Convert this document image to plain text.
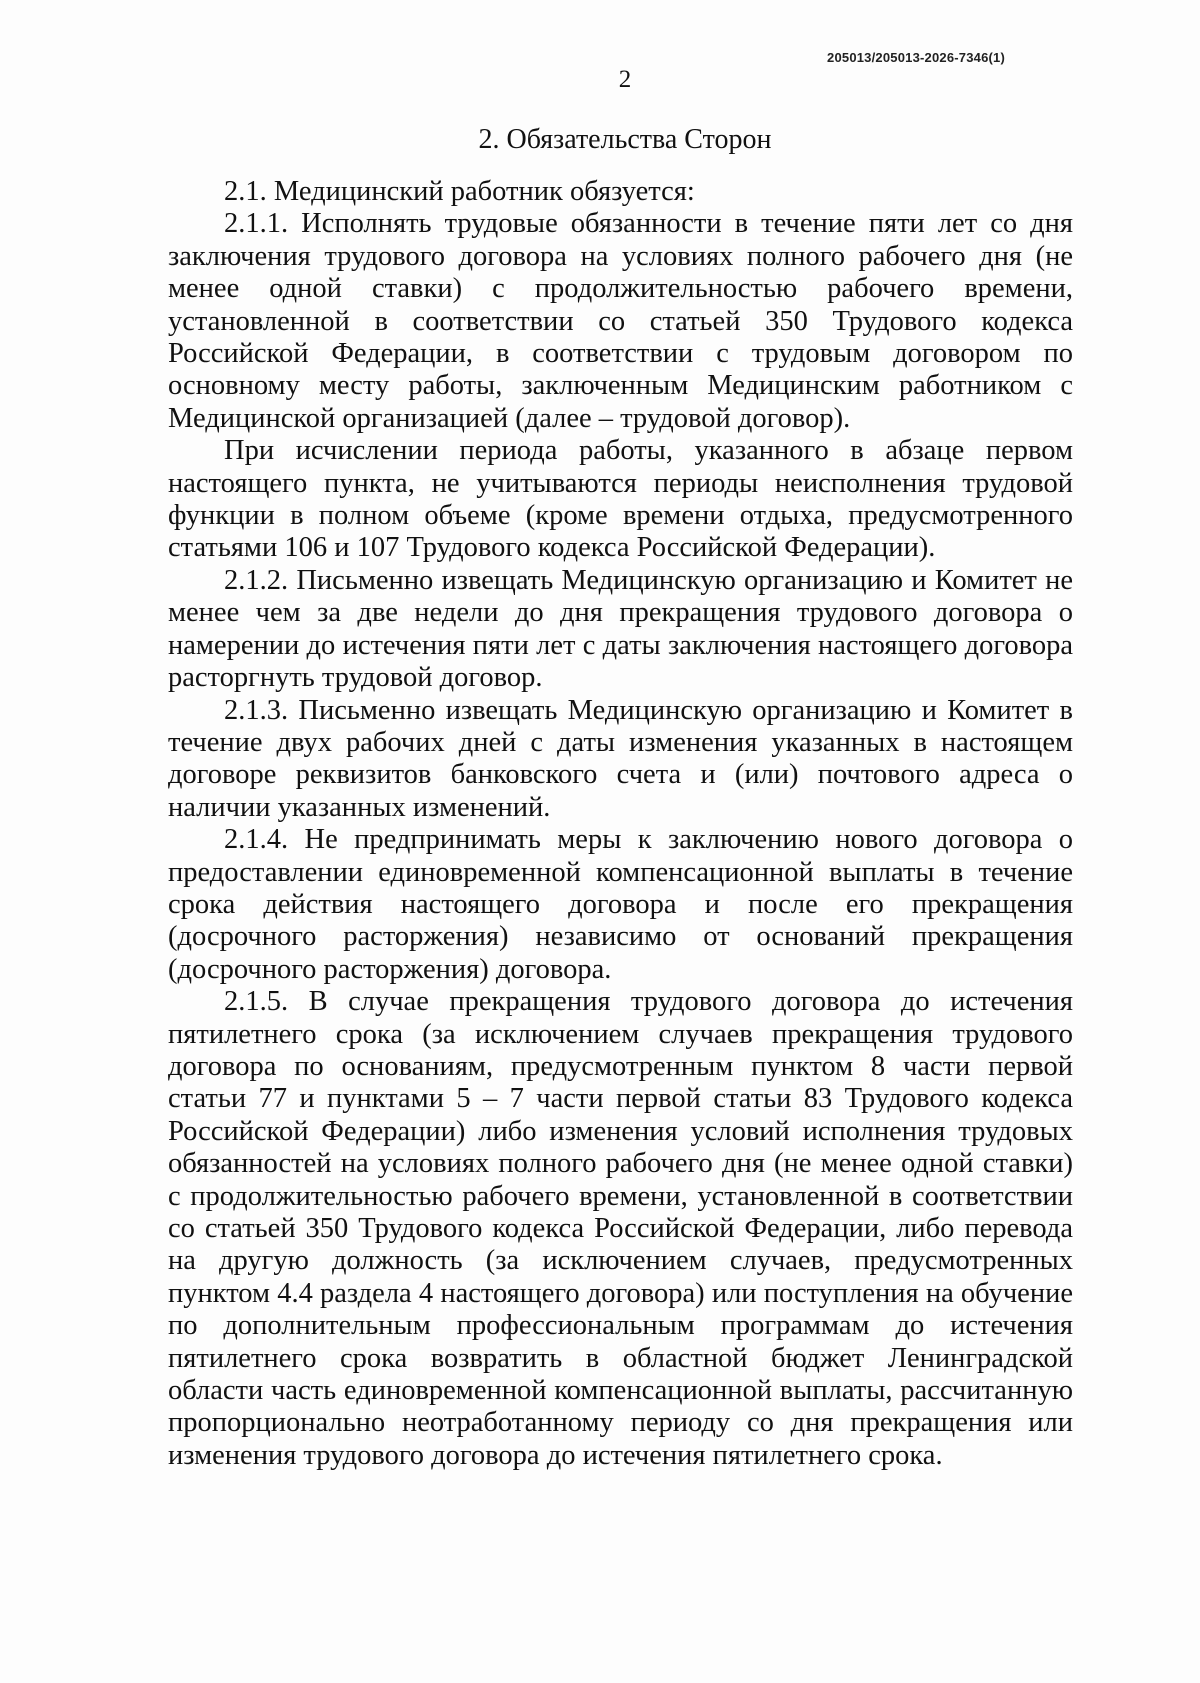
205013/205013-2026-7346(1)
2
2. Обязательства Сторон

2.1. Медицинский работник обязуется:

2.1.1. Исполнять трудовые обязанности в течение пяти лет со дня заключения трудового договора на условиях полного рабочего дня (не менее одной ставки) с продолжительностью рабочего времени, установленной в соответствии со статьей 350 Трудового кодекса Российской Федерации, в соответствии с трудовым договором по основному месту работы, заключенным Медицинским работником с Медицинской организацией (далее – трудовой договор).

При исчислении периода работы, указанного в абзаце первом настоящего пункта, не учитываются периоды неисполнения трудовой функции в полном объеме (кроме времени отдыха, предусмотренного статьями 106 и 107 Трудового кодекса Российской Федерации).

2.1.2. Письменно извещать Медицинскую организацию и Комитет не менее чем за две недели до дня прекращения трудового договора о намерении до истечения пяти лет с даты заключения настоящего договора расторгнуть трудовой договор.

2.1.3. Письменно извещать Медицинскую организацию и Комитет в течение двух рабочих дней с даты изменения указанных в настоящем договоре реквизитов банковского счета и (или) почтового адреса о наличии указанных изменений.

2.1.4. Не предпринимать меры к заключению нового договора о предоставлении единовременной компенсационной выплаты в течение срока действия настоящего договора и после его прекращения (досрочного расторжения) независимо от оснований прекращения (досрочного расторжения) договора.

2.1.5. В случае прекращения трудового договора до истечения пятилетнего срока (за исключением случаев прекращения трудового договора по основаниям, предусмотренным пунктом 8 части первой статьи 77 и пунктами 5 – 7 части первой статьи 83 Трудового кодекса Российской Федерации) либо изменения условий исполнения трудовых обязанностей на условиях полного рабочего дня (не менее одной ставки) с продолжительностью рабочего времени, установленной в соответствии со статьей 350 Трудового кодекса Российской Федерации, либо перевода на другую должность (за исключением случаев, предусмотренных пунктом 4.4 раздела 4 настоящего договора) или поступления на обучение по дополнительным профессиональным программам до истечения пятилетнего срока возвратить в областной бюджет Ленинградской области часть единовременной компенсационной выплаты, рассчитанную пропорционально неотработанному периоду со дня прекращения или изменения трудового договора до истечения пятилетнего срока.
